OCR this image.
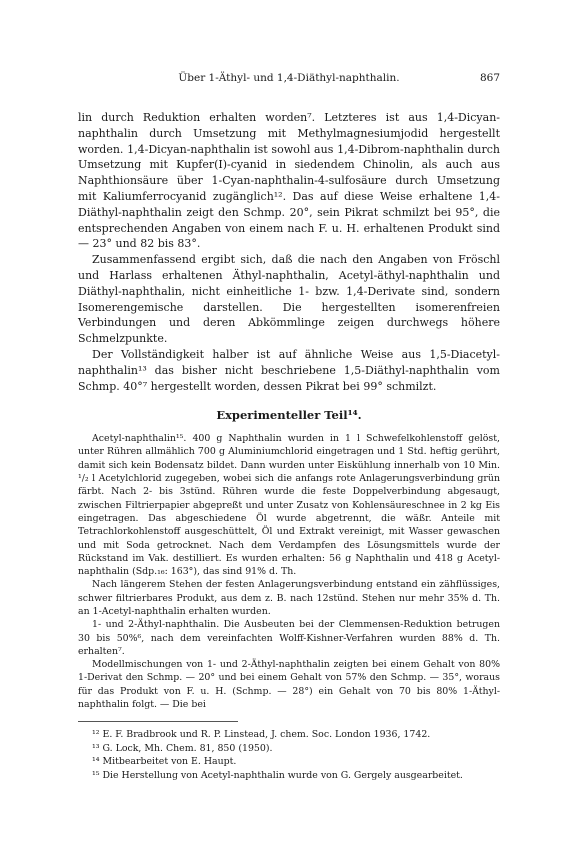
Über 1-Äthyl- und 1,4-Diäthyl-naphthalin.	867

lin durch Reduktion erhalten worden⁷. Letzteres ist aus 1,4-Dicyan-naphthalin durch Umsetzung mit Methylmagnesiumjodid hergestellt worden. 1,4-Dicyan-naphthalin ist sowohl aus 1,4-Dibrom-naphthalin durch Umsetzung mit Kupfer(I)-cyanid in siedendem Chinolin, als auch aus Naphthionsäure über 1-Cyan-naphthalin-4-sulfosäure durch Umsetzung mit Kaliumferrocyanid zugänglich¹². Das auf diese Weise erhaltene 1,4-Diäthyl-naphthalin zeigt den Schmp. 20°, sein Pikrat schmilzt bei 95°, die entsprechenden Angaben von einem nach F. u. H. erhaltenen Produkt sind — 23° und 82 bis 83°.

Zusammenfassend ergibt sich, daß die nach den Angaben von Fröschl und Harlass erhaltenen Äthyl-naphthalin, Acetyl-äthyl-naphthalin und Diäthyl-naphthalin, nicht einheitliche 1- bzw. 1,4-Derivate sind, sondern Isomerengemische darstellen. Die hergestellten isomerenfreien Verbindungen und deren Abkömmlinge zeigen durchwegs höhere Schmelzpunkte.

Der Vollständigkeit halber ist auf ähnliche Weise aus 1,5-Diacetyl-naphthalin¹³ das bisher nicht beschriebene 1,5-Diäthyl-naphthalin vom Schmp. 40°⁷ hergestellt worden, dessen Pikrat bei 99° schmilzt.

Experimenteller Teil¹⁴.

Acetyl-naphthalin¹⁵. 400 g Naphthalin wurden in 1 l Schwefelkohlenstoff gelöst, unter Rühren allmählich 700 g Aluminiumchlorid eingetragen und 1 Std. heftig gerührt, damit sich kein Bodensatz bildet. Dann wurden unter Eiskühlung innerhalb von 10 Min. ¹/₂ l Acetylchlorid zugegeben, wobei sich die anfangs rote Anlagerungsverbindung grün färbt. Nach 2- bis 3stünd. Rühren wurde die feste Doppelverbindung abgesaugt, zwischen Filtrierpapier abgepreßt und unter Zusatz von Kohlensäureschnee in 2 kg Eis eingetragen. Das abgeschiedene Öl wurde abgetrennt, die wäßr. Anteile mit Tetrachlorkohlenstoff ausgeschüttelt, Öl und Extrakt vereinigt, mit Wasser gewaschen und mit Soda getrocknet. Nach dem Verdampfen des Lösungsmittels wurde der Rückstand im Vak. destilliert. Es wurden erhalten: 56 g Naphthalin und 418 g Acetyl-naphthalin (Sdp.₁₆: 163°), das sind 91% d. Th.

Nach längerem Stehen der festen Anlagerungsverbindung entstand ein zähflüssiges, schwer filtrierbares Produkt, aus dem z. B. nach 12stünd. Stehen nur mehr 35% d. Th. an 1-Acetyl-naphthalin erhalten wurden.

1- und 2-Äthyl-naphthalin. Die Ausbeuten bei der Clemmensen-Reduktion betrugen 30 bis 50%⁶, nach dem vereinfachten Wolff-Kishner-Verfahren wurden 88% d. Th. erhalten⁷.

Modellmischungen von 1- und 2-Äthyl-naphthalin zeigten bei einem Gehalt von 80% 1-Derivat den Schmp. — 20° und bei einem Gehalt von 57% den Schmp. — 35°, woraus für das Produkt von F. u. H. (Schmp. — 28°) ein Gehalt von 70 bis 80% 1-Äthyl-naphthalin folgt. — Die bei

¹² E. F. Bradbrook und R. P. Linstead, J. chem. Soc. London 1936, 1742.
¹³ G. Lock, Mh. Chem. 81, 850 (1950).
¹⁴ Mitbearbeitet von E. Haupt.
¹⁵ Die Herstellung von Acetyl-naphthalin wurde von G. Gergely ausgearbeitet.
